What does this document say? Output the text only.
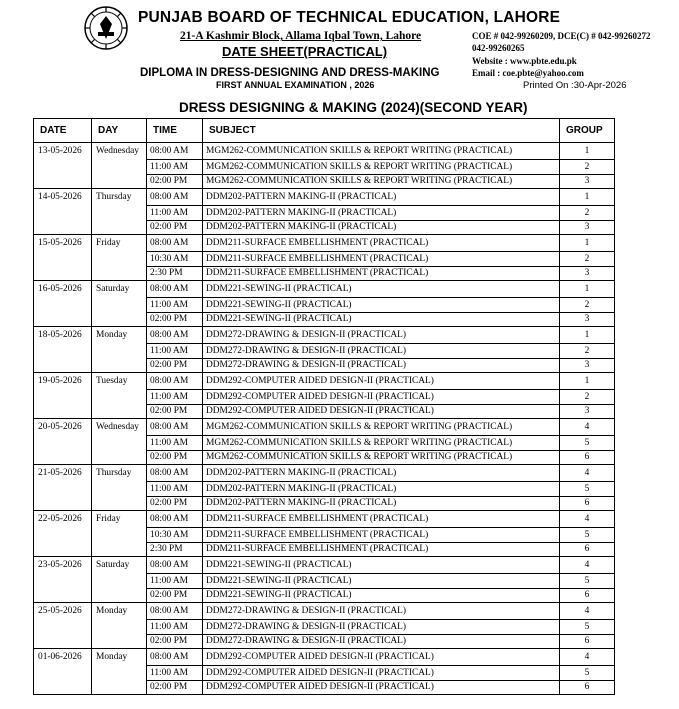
PUNJAB BOARD OF TECHNICAL EDUCATION, LAHORE
21-A Kashmir Block, Allama Iqbal Town, Lahore
DATE SHEET(PRACTICAL)
DIPLOMA IN DRESS-DESIGNING AND DRESS-MAKING
FIRST ANNUAL EXAMINATION , 2026
COE # 042-99260209, DCE(C) # 042-99260272
042-99260265
Website : www.pbte.edu.pk
Email : coe.pbte@yahoo.com
Printed On :30-Apr-2026
DRESS DESIGNING & MAKING (2024)(SECOND YEAR)
DATE	DAY	TIME	SUBJECT	GROUP
13-05-2026	Wednesday	08:00 AM	MGM262-COMMUNICATION SKILLS & REPORT WRITING (PRACTICAL)	1
11:00 AM	MGM262-COMMUNICATION SKILLS & REPORT WRITING (PRACTICAL)	2
02:00 PM	MGM262-COMMUNICATION SKILLS & REPORT WRITING (PRACTICAL)	3
14-05-2026	Thursday	08:00 AM	DDM202-PATTERN MAKING-II (PRACTICAL)	1
11:00 AM	DDM202-PATTERN MAKING-II (PRACTICAL)	2
02:00 PM	DDM202-PATTERN MAKING-II (PRACTICAL)	3
15-05-2026	Friday	08:00 AM	DDM211-SURFACE EMBELLISHMENT (PRACTICAL)	1
10:30 AM	DDM211-SURFACE EMBELLISHMENT (PRACTICAL)	2
2:30 PM	DDM211-SURFACE EMBELLISHMENT (PRACTICAL)	3
16-05-2026	Saturday	08:00 AM	DDM221-SEWING-II (PRACTICAL)	1
11:00 AM	DDM221-SEWING-II (PRACTICAL)	2
02:00 PM	DDM221-SEWING-II (PRACTICAL)	3
18-05-2026	Monday	08:00 AM	DDM272-DRAWING & DESIGN-II (PRACTICAL)	1
11:00 AM	DDM272-DRAWING & DESIGN-II (PRACTICAL)	2
02:00 PM	DDM272-DRAWING & DESIGN-II (PRACTICAL)	3
19-05-2026	Tuesday	08:00 AM	DDM292-COMPUTER AIDED DESIGN-II (PRACTICAL)	1
11:00 AM	DDM292-COMPUTER AIDED DESIGN-II (PRACTICAL)	2
02:00 PM	DDM292-COMPUTER AIDED DESIGN-II (PRACTICAL)	3
20-05-2026	Wednesday	08:00 AM	MGM262-COMMUNICATION SKILLS & REPORT WRITING (PRACTICAL)	4
11:00 AM	MGM262-COMMUNICATION SKILLS & REPORT WRITING (PRACTICAL)	5
02:00 PM	MGM262-COMMUNICATION SKILLS & REPORT WRITING (PRACTICAL)	6
21-05-2026	Thursday	08:00 AM	DDM202-PATTERN MAKING-II (PRACTICAL)	4
11:00 AM	DDM202-PATTERN MAKING-II (PRACTICAL)	5
02:00 PM	DDM202-PATTERN MAKING-II (PRACTICAL)	6
22-05-2026	Friday	08:00 AM	DDM211-SURFACE EMBELLISHMENT (PRACTICAL)	4
10:30 AM	DDM211-SURFACE EMBELLISHMENT (PRACTICAL)	5
2:30 PM	DDM211-SURFACE EMBELLISHMENT (PRACTICAL)	6
23-05-2026	Saturday	08:00 AM	DDM221-SEWING-II (PRACTICAL)	4
11:00 AM	DDM221-SEWING-II (PRACTICAL)	5
02:00 PM	DDM221-SEWING-II (PRACTICAL)	6
25-05-2026	Monday	08:00 AM	DDM272-DRAWING & DESIGN-II (PRACTICAL)	4
11:00 AM	DDM272-DRAWING & DESIGN-II (PRACTICAL)	5
02:00 PM	DDM272-DRAWING & DESIGN-II (PRACTICAL)	6
01-06-2026	Monday	08:00 AM	DDM292-COMPUTER AIDED DESIGN-II (PRACTICAL)	4
11:00 AM	DDM292-COMPUTER AIDED DESIGN-II (PRACTICAL)	5
02:00 PM	DDM292-COMPUTER AIDED DESIGN-II (PRACTICAL)	6
